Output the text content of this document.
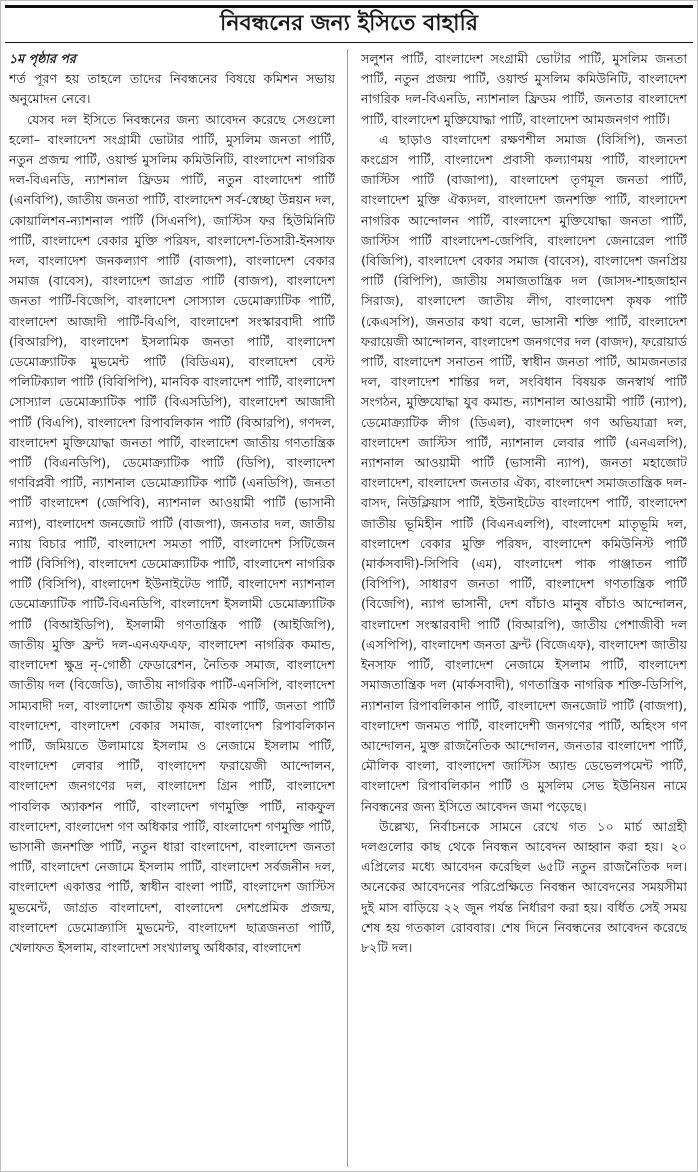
নিবন্ধনের জন্য ইসিতে বাহারি
১ম পৃষ্ঠার পর

শর্ত পূরণ হয় তাহলে তাদের নিবন্ধনের বিষয়ে কমিশন সভায় অনুমোদন নেবে।

যেসব দল ইসিতে নিবন্ধনের জন্য আবেদন করেছে সেগুলো হলো– বাংলাদেশ সংগ্রামী ভোটার পার্টি, মুসলিম জনতা পার্টি, নতুন প্রজন্ম পার্টি, ওয়ার্ল্ড মুসলিম কমিউনিটি, বাংলাদেশ নাগরিক দল-বিএনডি, ন্যাশনাল ফ্রিডম পার্টি, নতুন বাংলাদেশ পার্টি (এনবিপি), জাতীয় জনতা পার্টি, বাংলাদেশ সর্ব-স্বেচ্ছা উন্নয়ন দল, কোয়ালিশন-ন্যাশনাল পার্টি (সিএনপি), জাস্টিস ফর হিউমিনিটি পার্টি, বাংলাদেশ বেকার মুক্তি পরিষদ, বাংলাদেশ-তিসারী-ইনসাফ দল, বাংলাদেশ জনকল্যাণ পার্টি (বাজপা), বাংলাদেশ বেকার সমাজ (বাবেস), বাংলাদেশ জাগ্রত পার্টি (বাজপ), বাংলাদেশ জনতা পার্টি-বিজেপি, বাংলাদেশ সোস্যাল ডেমোক্র্যাটিক পার্টি, বাংলাদেশ আজাদী পার্টি-বিএপি, বাংলাদেশ সংস্কারবাদী পার্টি (বিআরপি), বাংলাদেশ ইসলামিক জনতা পার্টি, বাংলাদেশ ডেমোক্র্যাটিক মুভমেন্ট পার্টি (বিডিএম), বাংলাদেশ বেস্ট পলিটিক্যাল পার্টি (বিবিপিপি), মানবিক বাংলাদেশ পার্টি, বাংলাদেশ সোস্যাল ডেমোক্র্যাটিক পার্টি (বিএসডিপি), বাংলাদেশ আজাদী পার্টি (বিএপি), বাংলাদেশ রিপাবলিকান পার্টি (বিআরপি), গণদল, বাংলাদেশ মুক্তিযোদ্ধা জনতা পার্টি, বাংলাদেশ জাতীয় গণতান্ত্রিক পার্টি (বিএনডিপি), ডেমোক্র্যাটিক পার্টি (ডিপি), বাংলাদেশ গণবিপ্লবী পার্টি, ন্যাশনাল ডেমোক্র্যাটিক পার্টি (এনডিপি), জনতা পার্টি বাংলাদেশ (জেপিবি), ন্যাশনাল আওয়ামী পার্টি (ভাসানী ন্যাপ), বাংলাদেশ জনজোট পার্টি (বাজপা), জনতার দল, জাতীয় ন্যায় বিচার পার্টি, বাংলাদেশ সমতা পার্টি, বাংলাদেশ সিটিজেন পার্টি (বিসিপি), বাংলাদেশ ডেমোক্র্যাটিক পার্টি, বাংলাদেশ নাগরিক পার্টি (বিসিপি), বাংলাদেশ ইউনাইটেড পার্টি, বাংলাদেশ ন্যাশনাল ডেমোক্র্যাটিক পার্টি-বিএনডিপি, বাংলাদেশ ইসলামী ডেমোক্র্যাটিক পার্টি (বিআইডিপি), ইসলামী গণতান্ত্রিক পার্টি (আইজিপি), জাতীয় মুক্তি ফ্রন্ট দল-এনএফএফ, বাংলাদেশ নাগরিক কমান্ড, বাংলাদেশ ক্ষুদ্র নৃ-গোষ্ঠী ফেডারেশন, নৈতিক সমাজ, বাংলাদেশ জাতীয় দল (বিজেডি), জাতীয় নাগরিক পার্টি-এনসিপি, বাংলাদেশ সাম্যবাদী দল, বাংলাদেশ জাতীয় কৃষক শ্রমিক পার্টি, জনতা পার্টি বাংলাদেশ, বাংলাদেশ বেকার সমাজ, বাংলাদেশ রিপাবলিকান পার্টি, জমিয়তে উলামায়ে ইসলাম ও নেজামে ইসলাম পার্টি, বাংলাদেশ লেবার পার্টি, বাংলাদেশ ফরায়েজী আন্দোলন, বাংলাদেশ জনগণের দল, বাংলাদেশ গ্রিন পার্টি, বাংলাদেশ পাবলিক অ্যাকশন পার্টি, বাংলাদেশ গণমুক্তি পার্টি, নাকফুল বাংলাদেশ, বাংলাদেশ গণ অধিকার পার্টি, বাংলাদেশ গণমুক্তি পার্টি, ভাসানী জনশক্তি পার্টি, নতুন ধারা বাংলাদেশ, বাংলাদেশ জনতা পার্টি, বাংলাদেশ নেজামে ইসলাম পার্টি, বাংলাদেশ সর্বজনীন দল, বাংলাদেশ একাত্তর পার্টি, স্বাধীন বাংলা পার্টি, বাংলাদেশ জাস্টিস মুভমেন্ট, জাগ্রত বাংলাদেশ, বাংলাদেশ দেশপ্রেমিক প্রজন্ম, বাংলাদেশ ডেমোক্র্যাসি মুভমেন্ট, বাংলাদেশ ছাত্রজনতা পার্টি, খেলাফত ইসলাম, বাংলাদেশ সংখ্যালঘু অধিকার, বাংলাদেশ

সলুশন পার্টি, বাংলাদেশ সংগ্রামী ভোটার পার্টি, মুসলিম জনতা পার্টি, নতুন প্রজন্ম পার্টি, ওয়ার্ল্ড মুসলিম কমিউনিটি, বাংলাদেশ নাগরিক দল-বিএনডি, ন্যাশনাল ফ্রিডম পার্টি, জনতার বাংলাদেশ পার্টি, বাংলাদেশ মুক্তিযোদ্ধা পার্টি, বাংলাদেশ আমজনগণ পার্টি।

এ ছাড়াও বাংলাদেশ রক্ষণশীল সমাজ (বিসিপি), জনতা কংগ্রেস পার্টি, বাংলাদেশ প্রবাসী কল্যাণময় পার্টি, বাংলাদেশ জাস্টিস পার্টি (বাজাপা), বাংলাদেশ তৃণমূল জনতা পার্টি, বাংলাদেশ মুক্তি ঐক্যদল, বাংলাদেশ জনশক্তি পার্টি, বাংলাদেশ নাগরিক আন্দোলন পার্টি, বাংলাদেশ মুক্তিযোদ্ধা জনতা পার্টি, জাস্টিস পার্টি বাংলাদেশ-জেপিবি, বাংলাদেশ জেনারেল পার্টি (বিজিপি), বাংলাদেশ বেকার সমাজ (বাবেস), বাংলাদেশ জনপ্রিয় পার্টি (বিপিপি), জাতীয় সমাজতান্ত্রিক দল (জাসদ-শাহজাহান সিরাজ), বাংলাদেশ জাতীয় লীগ, বাংলাদেশ কৃষক পার্টি (কেএসপি), জনতার কথা বলে, ভাসানী শক্তি পার্টি, বাংলাদেশ ফরায়েজী আন্দোলন, বাংলাদেশ জনগণের দল (বাজদ), ফরোয়ার্ড পার্টি, বাংলাদেশ সনাতন পার্টি, স্বাধীন জনতা পার্টি, আমজনতার দল, বাংলাদেশ শান্তির দল, সংবিধান বিষয়ক জনস্বার্থ পার্টি সংগঠন, মুক্তিযোদ্ধা যুব কমান্ড, ন্যাশনাল আওয়ামী পার্টি (ন্যাপ), ডেমোক্র্যাটিক লীগ (ডিএল), বাংলাদেশ গণ অভিযাত্রা দল, বাংলাদেশ জাস্টিস পার্টি, ন্যাশনাল লেবার পার্টি (এনএলপি), ন্যাশনাল আওয়ামী পার্টি (ভাসানী ন্যাপ), জনতা মহাজোট বাংলাদেশ, বাংলাদেশ জনতার ঐক্য, বাংলাদেশ সমাজতান্ত্রিক দল-বাসদ, নিউক্লিয়াস পার্টি, ইউনাইটেড বাংলাদেশ পার্টি, বাংলাদেশ জাতীয় ভূমিহীন পার্টি (বিএনএলপি), বাংলাদেশ মাতৃভূমি দল, বাংলাদেশ বেকার মুক্তি পরিষদ, বাংলাদেশ কমিউনিস্ট পার্টি (মার্কসবাদী)-সিপিবি (এম), বাংলাদেশ পাক পাঞ্জাতন পার্টি (বিপিপি), সাধারণ জনতা পার্টি, বাংলাদেশ গণতান্ত্রিক পার্টি (বিজেপি), ন্যাপ ভাসানী, দেশ বাঁচাও মানুষ বাঁচাও আন্দোলন, বাংলাদেশ সংস্কারবাদী পার্টি (বিআরপি), জাতীয় পেশাজীবী দল (এসপিপি), বাংলাদেশ জনতা ফ্রন্ট (বিজেএফ), বাংলাদেশ জাতীয় ইনসাফ পার্টি, বাংলাদেশ নেজামে ইসলাম পার্টি, বাংলাদেশ সমাজতান্ত্রিক দল (মার্কসবাদী), গণতান্ত্রিক নাগরিক শক্তি-ডিসিপি, ন্যাশনাল রিপাবলিকান পার্টি, বাংলাদেশ জনজোট পার্টি (বাজপা), বাংলাদেশ জনমত পার্টি, বাংলাদেশী জনগণের পার্টি, অহিংস গণ আন্দোলন, মুক্ত রাজনৈতিক আন্দোলন, জনতার বাংলাদেশ পার্টি, মৌলিক বাংলা, বাংলাদেশ জাস্টিস অ্যান্ড ডেভেলপমেন্ট পার্টি, বাংলাদেশ রিপাবলিকান পার্টি ও মুসলিম সেভ ইউনিয়ন নামে নিবন্ধনের জন্য ইসিতে আবেদন জমা পড়েছে।

উল্লেখ্য, নির্বাচনকে সামনে রেখে গত ১০ মার্চ আগ্রহী দলগুলোর কাছ থেকে নিবন্ধন আবেদন আহ্বান করা হয়। ২০ এপ্রিলের মধ্যে আবেদন করেছিল ৬৫টি নতুন রাজনৈতিক দল। অনেকের আবেদনের পরিপ্রেক্ষিতে নিবন্ধন আবেদনের সময়সীমা দুই মাস বাড়িয়ে ২২ জুন পর্যন্ত নির্ধারণ করা হয়। বর্ধিত সেই সময় শেষ হয় গতকাল রোববার। শেষ দিনে নিবন্ধনের আবেদন করেছে ৮২টি দল।
